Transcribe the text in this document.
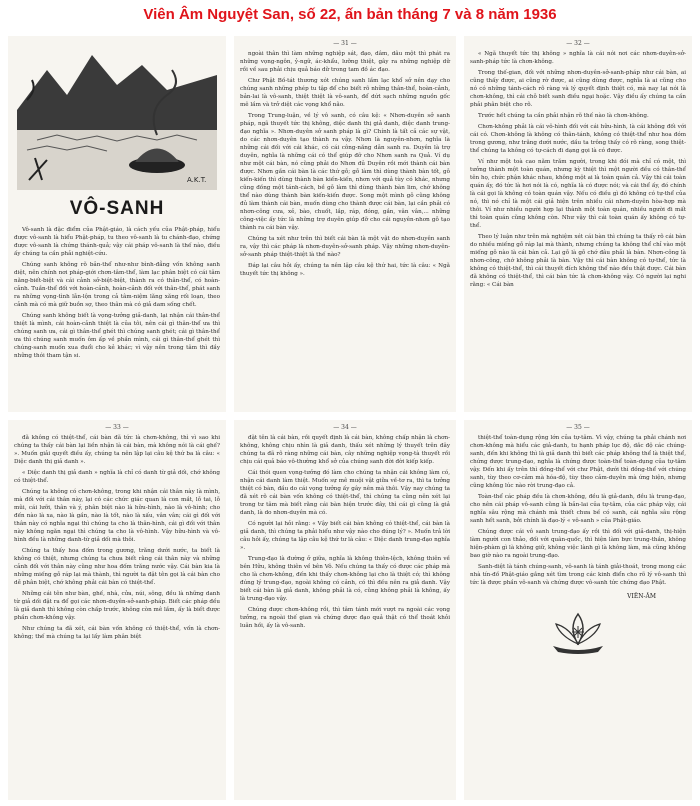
Viên Âm Nguyệt San, số 22, ấn bản tháng 7 và 8 năm 1936
A.K.T.
VÔ-SANH

Vô-sanh là đặc điểm của Phật-giáo, là cách yếu của Phật-pháp, hiểu được vô-sanh là hiểu Phật-pháp, tu theo vô-sanh là tu chánh-đạo, chứng được vô-sanh là chứng thánh-quả; vậy cái pháp vô-sanh là thế nào, điều ấy chúng ta cần phải nghiệt-cứu.

Chúng sanh không rõ bản-thể như-như bình-đẳng vốn không sanh diệt, nên chính nơi pháp-giới chơn-tâm-thể, làm lạc phân biệt có cái tâm năng-biết-biệt và cái cảnh sở-biệt-biệt, thành ra có thân-thể, có hoàn-cảnh. Tuần-thể đối với hoàn-cảnh, hoàn-cảnh đối với thân-thể, phát sanh ra những vọng-tình lẫn-lộn trong cả tâm-niệm lăng xăng rối loạn, theo cảnh mà có mà giữ buồn sợ, theo thân mà có giả dam sống chết.

Chúng sanh không biết là vọng-tưởng giả-danh, lại nhận cái thân-thể thiệt là mình, cái hoàn-cảnh thiệt là của tôi, nên cái gì thân-thể ưa thì chúng sanh ưa, cái gì thân-thể ghét thì chúng sanh ghét; cái gì thân-thể ưa thì chúng sanh muốn ôm ấp về phần mình, cái gì thân-thể ghét thì chúng-sanh muốn xua đuổi cho kẻ khác; vì vậy nên trong tâm thì đầy những thói tham tận si.

— 31 —

ngoài thân thì làm những nghiệp sát, đạo, dâm, dâu một thì phát ra những vọng-ngôn, ỷ-ngữ, ác-khẩu, lưỡng thiệt, gây ra những nghiệp dữ rồi về sau phải chịu quả báo dữ trong tam đồ ác đạo.

Chư Phật Bồ-tát thương xót chúng sanh lầm lạc khổ sở nên dạy cho chúng sanh những phép tu tập để cho biết rõ những thân-thể, hoàn-cảnh, bản-lai là vô-sanh, thiệt thiệt là vô-sanh, để dứt sạch những nguồn gốc mê lầm và trở diệt các vọng khổ não.

Trong Trung-luận, về lý vô sanh, có câu kệ: « Nhơn-duyên sở sanh pháp, ngã thuyết tức thị không, diệc danh thị giả danh, diệc danh trung-đạo nghĩa ». Nhơn-duyên sở sanh pháp là gì? Chính là tất cả các sự vật, do các nhơn-duyên tạo thành ra vậy. Nhơn là nguyên-nhơn, nghĩa là những cái đối với cái khác, có cái công-năng dẫn sanh ra. Duyên là trợ duyên, nghĩa là những cái có thể giúp đỡ cho Nhơn sanh ra Quả. Ví dụ như một cái bàn, nó cũng phải do Nhơn đủ Duyên rồi mới thành cái bàn được. Nhơn gần cái bàn là các thứ gỗ; gỗ làm thì dùng thành bàn tốt, gỗ kiến-kiến thì dùng thành bàn kiến-kiến, nhơn với quả tùy có khác, nhưng cũng đồng một tánh-cách, bề gỗ làm thì dùng thành bàn lim, chớ không thể nào dùng thành bàn kiến-kiến được. Song một mình gỗ cũng không đủ làm thành cái bàn, muốn dùng cho thành được cái bàn, lại cần phải có nhơn-công cưa, xẻ, bào, chuốt, lắp, ráp, đóng, gắn, vân vân,... những công-việc ấy tức là những trợ duyên giúp đỡ cho cái nguyên-nhơn gỗ tạo thành ra cái bàn vậy.

Chúng ta xét như trên thì biết cái bàn là một vật do nhơn-duyên sanh ra, vậy thì các pháp là nhơn-duyên-sở-sanh pháp. Vậy những nhơn-duyên-sở-sanh pháp thiệt-thiệt là thế nào?

Đáp lại câu hỏi ấy, chúng ta nên lập câu kệ thứ hai, tức là câu: « Ngã thuyết tức thị không ».

— 32 —

« Ngã thuyết tức thị không » nghĩa là cái nói nơi các nhơn-duyên-sở-sanh-pháp tức là chơn-không.

Trong thế-gian, đối với những nhơn-duyên-sở-sanh-pháp như cái bàn, ai cũng thấy được, ai cũng rờ được, ai cũng dùng được, nghĩa là ai cũng cho nó có những tánh-cách rõ ràng và lý quyết định thiệt có, mà nay lại nói là chơn-không, thì cái chỗ biết sanh điều ngại hoặc. Vậy điều ấy chúng ta cần phải phân biệt cho rõ.

Trước hết chúng ta cần phải nhận rõ thế nào là chơn-không.

Chơn-không phải là cái vô-hình đối với cái hữu-hình, là cái không đối với cái có. Chơn-không là không có thân-tánh, không có thiệt-thể như hoa đóm trong gương, như trăng dưới nước, dầu ta trông thấy có rõ ràng, song thiệt-thể chúng ta không có tự-cách đi dạng gọi là có được.

Ví như một toà cao năm trăm người, trong khi đói mà chỉ có một, thì tưởng thành một toàn quán, nhưng kỳ thiệt thì một người đều có thân-thể tên họ, chức phận khác nhau, không một ai là toàn quán cả. Vậy thì cái toàn quán ấy, đó tức là hơi nói là có, nghĩa là có được nói; và cái thể ấy, đó chính là cái gọi là không có toàn quán vậy. Nếu có điều gì đó không có tự-thể của nó, thì nó chỉ là một cái giả hiện trên nhiều cái nhơn-duyên hòa-hợp mà thôi. Ví như nhiều người hợp lại thành một toàn quán, nhiều người đi mất thì toàn quán cũng không còn. Như vậy thì cái toàn quán ấy không có tự-thể.

Theo lý luận như trên mà nghiệm xét cái bàn thì chúng ta thấy rõ cái bàn do nhiều miếng gỗ ráp lại mà thành, nhưng chúng ta không thể chỉ vào một miếng gỗ nào là cái bàn cả. Lại gỗ là gỗ chớ đâu phải là bàn. Nhơn-công là nhơn-công, chớ không phải là bàn. Vậy thì cái bàn không có tự-thể, tức là không có thiệt-thể, thì cái thuyết đích không thể nào đều thật được. Cái bàn đã không có thiệt-thể, thì cái bàn tức là chơn-không vậy. Có người lại nghi rằng: « Cái bàn

— 33 —

đã không có thiệt-thể, cái bàn đã tức là chơn-không, thì vì sao khi chúng ta thấy cái bàn lại liền nhận là cái bàn, mà không nói là cái ghế? ». Muốn giải quyết điều ấy, chúng ta nên lập lại câu kệ thứ ba là câu: « Diệc danh thị giả danh ».

« Diệc danh thị giả danh » nghĩa là chỉ có danh từ giả dối, chớ không có thiệt-thể.

Chúng ta không có chơn-không, trong khi nhận cái thân này là mình, mà đối với cái thân này, lại có các chức giác quan là con mắt, lỗ tai, lỗ mũi, cái lưỡi, thân và ý, phân biệt nào là hữu-hình, nào là vô-hình; cho đến nào là xa, nào là gần, nào là tốt, nào là xấu, vân vân; cái gì đối với thân này có nghĩa ngại thì chúng ta cho là thân-hình, cái gì đối với thân này không ngăn ngại thì chúng ta cho là vô-hình. Vậy hữu-hình và vô-hình đều là những danh-từ giả dối mà thôi.

Chúng ta thấy hoa đốm trong gương, trăng dưới nước, ta biết là không có thiệt, nhưng chúng ta chưa biết rằng cái thân này và những cảnh đối với thân này cũng như hoa đốm trăng nước vậy. Cái bàn kia là những miếng gỗ ráp lại mà thành, thì người ta đặt tên gọi là cái bàn cho dễ phân biệt, chớ không phải cái bàn có thiệt-thể.

Những cái tên như bàn, ghế, nhà, cửa, núi, sông, đều là những danh từ giả dối đặt ra để gọi các nhơn-duyên-sở-sanh-pháp. Biết các pháp đều là giả danh thì không còn chấp trước, không còn mê lầm, ấy là biết được phần chơn-không vậy.

Như chúng ta đã xét, cái bàn vốn không có thiệt-thể, vốn là chơn-không; thế mà chúng ta lại lấy làm phân biệt

— 34 —

đặt tên là cái bàn, rồi quyết định là cái bàn, không chấp nhận là chơn-không, không chịu nhìn là giả danh, thấu xét những lý thuyết trên đây chúng ta đã rõ ràng những cái bàn, cây những nghiệp vọng-tà thuyết rồi chịu cái quả báo vô-thường khổ sở của chúng sanh đời đời kiếp kiếp.

Cái thói quen vọng-tưởng đó làm cho chúng ta nhận cái không làm có, nhận cái danh làm thiệt. Muốn sự mê muội vật giữa về-tơ ra, thì ta tưởng thiệt có bàn, đầu do cái vọng tưởng ấy gây nên mà thôi. Vậy nay chúng ta đã xét rõ cái bàn vốn không có thiệt-thể, thì chúng ta cũng nên xét lại trong tư tâm mà biết rằng cái bàn hiện trước đây, thì cái gì cũng là giả danh, là do nhơn-duyên mà có.

Có người lại hỏi rằng: « Vậy biết cái bàn không có thiệt-thể, cái bàn là giả danh, thì chúng ta phải hiểu như vậy nào cho đúng lý? ». Muốn trả lời câu hỏi ấy, chúng ta lập câu kệ thứ tư là câu: « Diệc danh trung-đạo nghĩa ».

Trung-đạo là đường ở giữa, nghĩa là không thiên-lệch, không thiên về bên Hữu, không thiên về bên Vô. Nếu chúng ta thấy có được các pháp mà cho là chơn-không, đến khi thấy chơn-không lại cho là thiệt có; thì không đúng lý trung-đạo, ngoài không có cảnh, có thì đều nên ra giả danh. Vậy biết cái bàn là giả danh, không phải là có, cũng không phải là không, ấy là trung-đạo vậy.

Chúng được chơn-không rồi, thì tâm tánh mới vượt ra ngoài các vọng tưởng, ra ngoài thế gian và chứng được đạo quả thật có thể thoát khỏi luân hồi, ấy là vô-sanh.

— 35 —

thiệt-thể toàn-dụng rộng lớn của tự-tâm. Vì vậy, chúng ta phải chánh nơi chơn-không mà hiểu các giả-danh, tu hạnh pháp lục độ, dắc độ các chúng-sanh, đến khi không thì là giả danh thì biết các pháp không thể là thiệt thể, chứng được trung-đạo, nghĩa là chứng được toàn-thể toàn-dụng của tự-tâm vậy. Đến khi ấy trên thì đồng-thể với chư Phật, dưới thì đồng-thể với chúng sanh, tùy theo cơ-cảm mà hóa-độ, tùy theo cảm-duyên mà ứng hiện, nhưng cũng không lúc nào rời trung-đạo cả.

Toàn-thể các pháp đều là chơn-không, đều là giả-danh, đều là trung-đạo, cho nên cái pháp vô-sanh cũng là bản-lai của tự-tâm, của các pháp vậy, cái nghĩa sâu rộng mà chánh mà thiết chưa bề có sanh, cái nghĩa sâu rộng sanh hết sanh, bởi chính là đạo-lý « vô-sanh » của Phật-giáo.

Chúng được cái vô sanh trung-đạo ấy rồi thì đối với giả-danh, thị-hiện làm người con thảo, đối với quân-quốc, thì hiện làm bực trung-thần, không hiện-phàm gì là không giữ, không việc lành gì là không làm, mà cũng không bao giờ nào ra ngoài trung-đạo.

Sanh-diệt là tánh chúng-sanh, vô-sanh là tánh giải-thoát, trong mong các nhà tín-đồ Phật-giáo gắng xét tìm trong các kinh điển cho rõ lý vô-sanh thì tức là được phần vô-sanh và chứng được vô-sanh tức chứng đạo Phật.

VIÊN-ÂM
